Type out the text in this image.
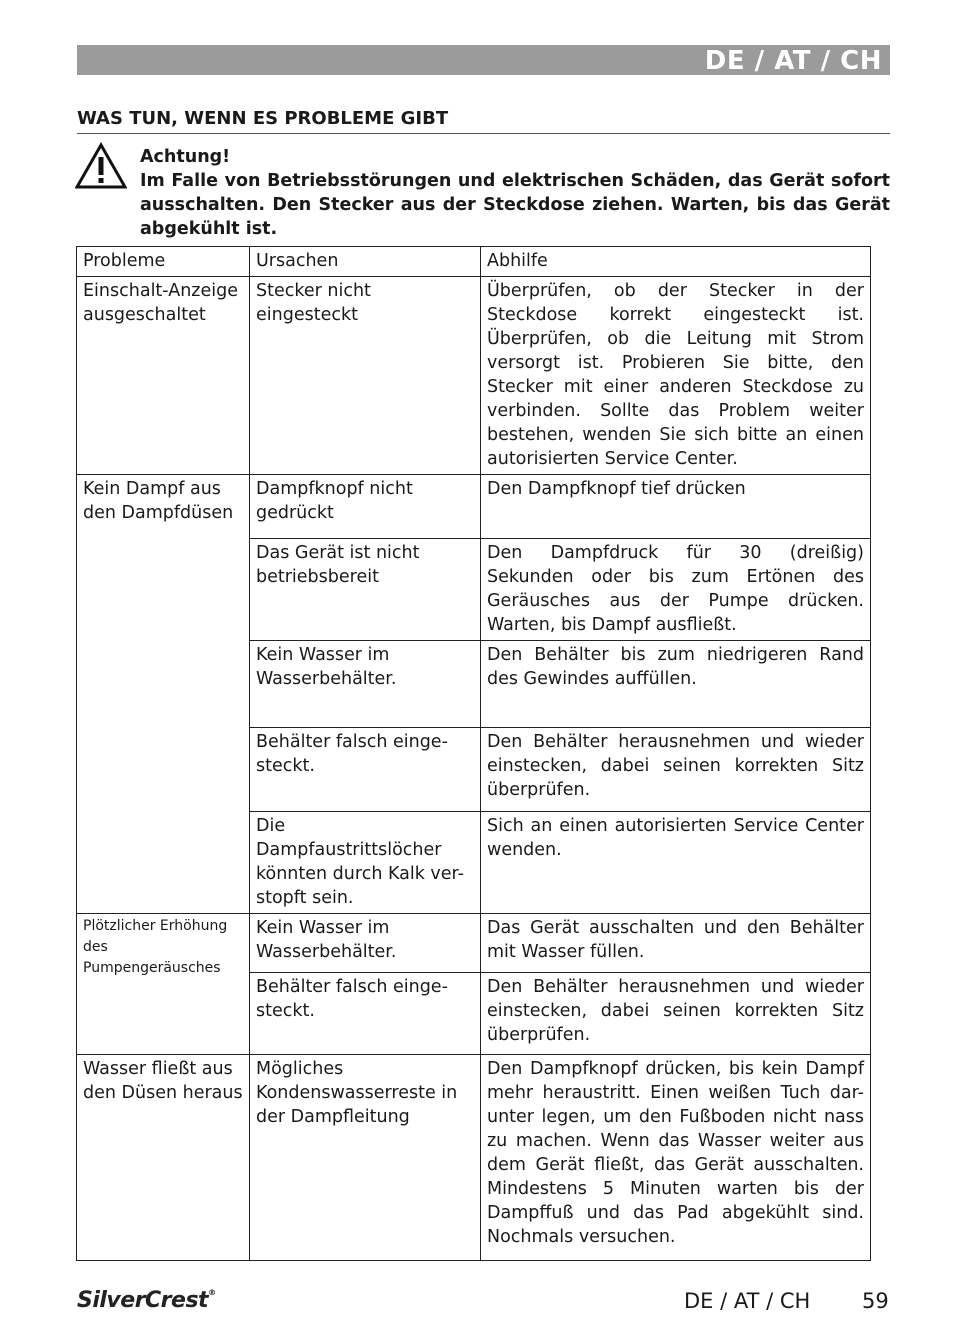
DE / AT / CH
WAS TUN, WENN ES PROBLEME GIBT

Achtung!

Im Falle von Betriebsstörungen und elektrischen Schäden, das Gerät sofort ausschalten. Den Stecker aus der Steckdose ziehen. Warten, bis das Gerät abgekühlt ist.

Probleme	Ursachen	Abhilfe
Einschalt-Anzeige ausgeschaltet	Stecker nicht eingesteckt	Überprüfen, ob der Stecker in der Steckdose korrekt eingesteckt ist. Überprüfen, ob die Leitung mit Strom versorgt ist. Probieren Sie bitte, den Stecker mit einer anderen Steckdose zu verbinden. Sollte das Problem weiter bestehen, wenden Sie sich bitte an einen autorisierten Service Center.
Kein Dampf aus den Dampfdüsen	Dampfknopf nicht gedrückt	Den Dampfknopf tief drücken
	Das Gerät ist nicht betriebsbereit	Den Dampfdruck für 30 (dreißig) Sekunden oder bis zum Ertönen des Geräusches aus der Pumpe drücken. Warten, bis Dampf ausfließt.
	Kein Wasser im Wasserbehälter.	Den Behälter bis zum niedrigeren Rand des Gewindes auffüllen.
	Behälter falsch einge-steckt.	Den Behälter herausnehmen und wieder einstecken, dabei seinen korrekten Sitz überprüfen.
	Die Dampfaustrittslöcher könnten durch Kalk ver-stopft sein.	Sich an einen autorisierten Service Center wenden.
Plötzlicher Erhöhung des Pumpengeräusches	Kein Wasser im Wasserbehälter.	Das Gerät ausschalten und den Behälter mit Wasser füllen.
	Behälter falsch einge-steckt.	Den Behälter herausnehmen und wieder einstecken, dabei seinen korrekten Sitz überprüfen.
Wasser fließt aus den Düsen heraus	Mögliches Kondenswasserreste in der Dampfleitung	Den Dampfknopf drücken, bis kein Dampf mehr heraustritt. Einen weißen Tuch dar-unter legen, um den Fußboden nicht nass zu machen. Wenn das Wasser weiter aus dem Gerät fließt, das Gerät ausschalten. Mindestens 5 Minuten warten bis der Dampffuß und das Pad abgekühlt sind. Nochmals versuchen.
SilverCrest®	DE / AT / CH 59
